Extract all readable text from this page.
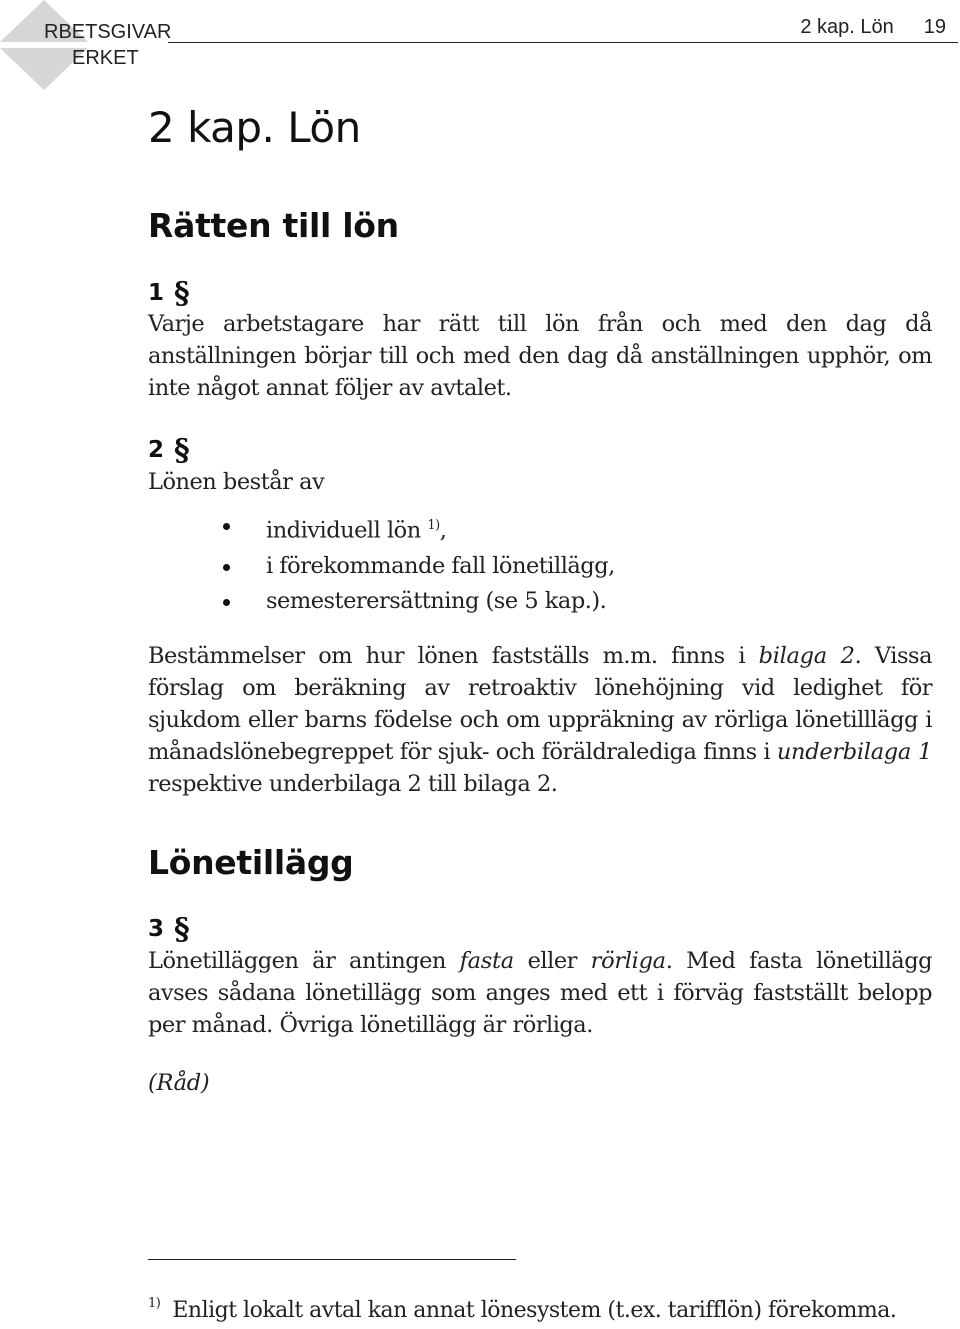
RBETSGIVAR
ERKET
2 kap. Lön 19
2 kap. Lön
Rätten till lön
1 §

Varje arbetstagare har rätt till lön från och med den dag då anställningen börjar till och med den dag då anställningen upphör, om inte något annat följer av avtalet.

2 §

Lönen består av

individuell lön $^{1)}$,
i förekommande fall lönetillägg,
semesterersättning (se 5 kap.).

Bestämmelser om hur lönen fastställs m.m. finns i bilaga 2. Vissa förslag om beräkning av retroaktiv lönehöjning vid ledighet för sjukdom eller barns födelse och om uppräkning av rörliga lönetilllägg i månadslönebegreppet för sjuk- och föräldralediga finns i underbilaga 1 respektive underbilaga 2 till bilaga 2.

Lönetillägg
3 §

Lönetilläggen är antingen fasta eller rörliga. Med fasta lönetillägg avses sådana lönetillägg som anges med ett i förväg fastställt belopp per månad. Övriga lönetillägg är rörliga.

(Råd)

$^{1)}$ Enligt lokalt avtal kan annat lönesystem (t.ex. tarifflön) förekomma.
